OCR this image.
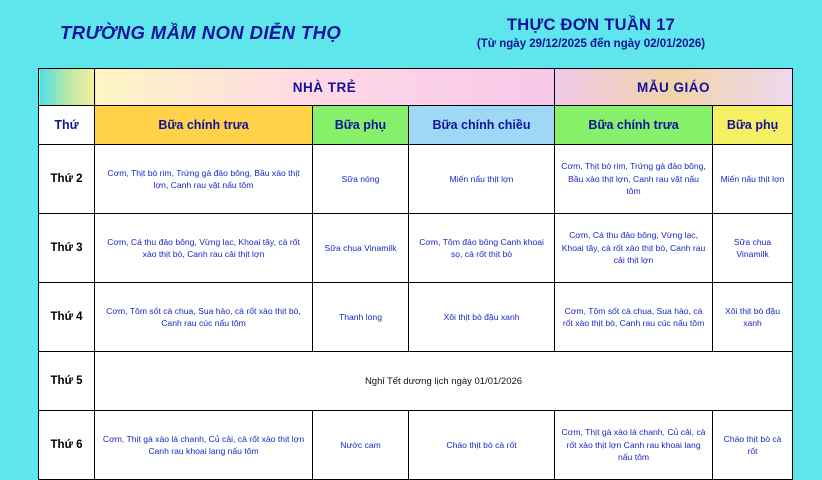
TRƯỜNG MẦM NON DIỄN THỌ	THỰC ĐƠN TUẦN 17
(Từ ngày 29/12/2025 đến ngày 02/01/2026)
	NHÀ TRẺ			MẪU GIÁO	
Thứ	Bữa chính trưa	Bữa phụ	Bữa chính chiều	Bữa chính trưa	Bữa phụ
Thứ 2	Cơm, Thịt bò rim, Trứng gà đảo bông, Bầu xào thịt lợn, Canh rau vặt nấu tôm	Sữa nóng	Miến nấu thịt lợn	Cơm, Thịt bò rim, Trứng gà đảo bông, Bầu xào thịt lợn, Canh rau vặt nấu tôm	Miến nấu thịt lợn
Thứ 3	Cơm, Cá thu đảo bông, Vừng lạc, Khoai tây, cà rốt xào thịt bò, Canh rau cải thịt lợn	Sữa chua Vinamilk	Cơm, Tôm đảo bông Canh khoai sọ, cá rốt thịt bò	Cơm, Cá thu đảo bông, Vừng lạc, Khoai tây, cà rốt xào thịt bò, Canh rau cải thịt lợn	Sữa chua Vinamilk
Thứ 4	Cơm, Tôm sốt cà chua, Sua hào, cà rốt xào thịt bò, Canh rau cúc nấu tôm	Thanh long	Xôi thịt bò đậu xanh	Cơm, Tôm sốt cà chua, Sua hào, cà rốt xào thịt bò, Canh rau cúc nấu tôm	Xôi thịt bò đậu xanh
Thứ 5	Nghỉ Tết dương lịch ngày 01/01/2026				
Thứ 6	Cơm, Thịt gà xào lá chanh, Củ cải, cà rốt xào thịt lợn Canh rau khoai lang nấu tôm	Nước cam	Cháo thịt bò cà rốt	Cơm, Thịt gà xào lá chanh, Củ cải, cà rốt xào thịt lợn Canh rau khoai lang nấu tôm	Cháo thịt bò cà rốt
